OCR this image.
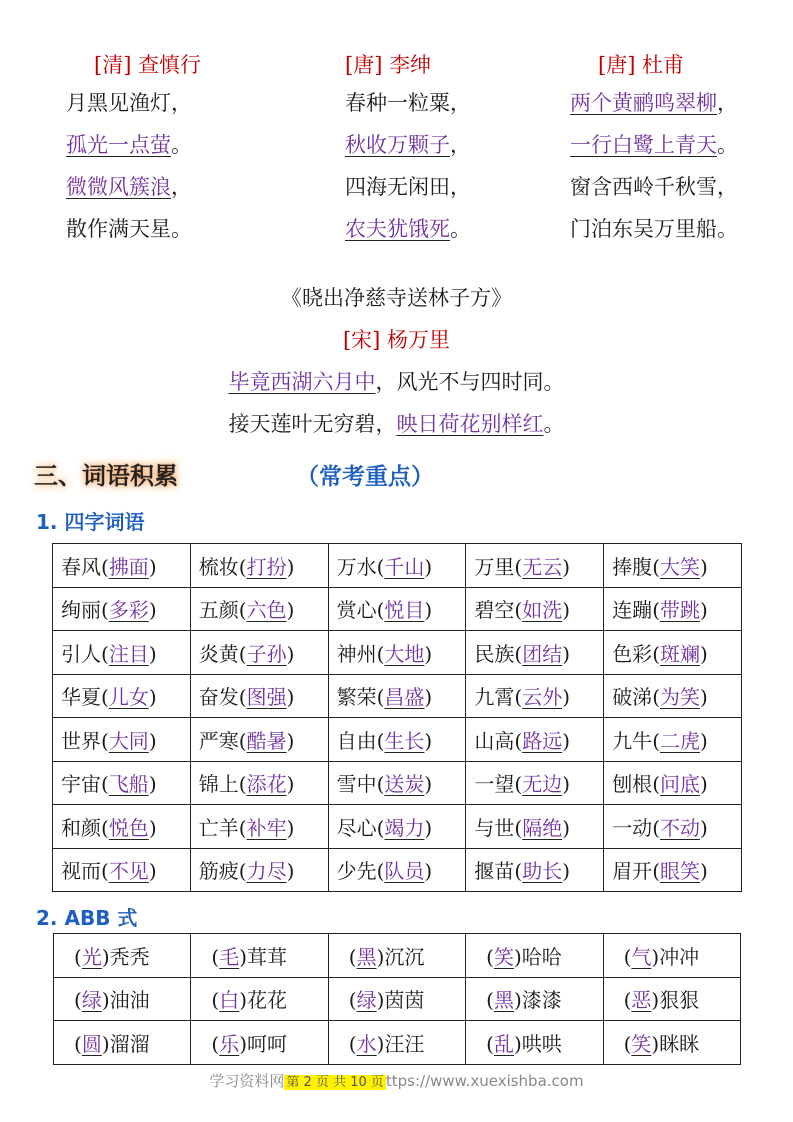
[清] 查慎行
月黑见渔灯，
孤光一点萤。
微微风簇浪，
散作满天星。
[唐] 李绅
春种一粒粟，
秋收万颗子，
四海无闲田，
农夫犹饿死。
[唐] 杜甫
两个黄鹂鸣翠柳，
一行白鹭上青天。
窗含西岭千秋雪，
门泊东吴万里船。
《晓出净慈寺送林子方》
[宋] 杨万里
毕竟西湖六月中，风光不与四时同。
接天莲叶无穷碧，映日荷花别样红。
三、词语积累	（常考重点）
1. 四字词语
春风(拂面)	梳妆(打扮)	万水(千山)	万里(无云)	捧腹(大笑)
绚丽(多彩)	五颜(六色)	赏心(悦目)	碧空(如洗)	连蹦(带跳)
引人(注目)	炎黄(子孙)	神州(大地)	民族(团结)	色彩(斑斓)
华夏(儿女)	奋发(图强)	繁荣(昌盛)	九霄(云外)	破涕(为笑)
世界(大同)	严寒(酷暑)	自由(生长)	山高(路远)	九牛(二虎)
宇宙(飞船)	锦上(添花)	雪中(送炭)	一望(无边)	刨根(问底)
和颜(悦色)	亡羊(补牢)	尽心(竭力)	与世(隔绝)	一动(不动)
视而(不见)	筋疲(力尽)	少先(队员)	揠苗(助长)	眉开(眼笑)
2. ABB 式
(光)秃秃	(毛)茸茸	(黑)沉沉	(笑)哈哈	(气)冲冲
(绿)油油	(白)花花	(绿)茵茵	(黑)漆漆	(恶)狠狠
(圆)溜溜	(乐)呵呵	(水)汪汪	(乱)哄哄	(笑)眯眯
学习资料网 第 2 页 共 10 页 ttps://www.xuexishba.com
